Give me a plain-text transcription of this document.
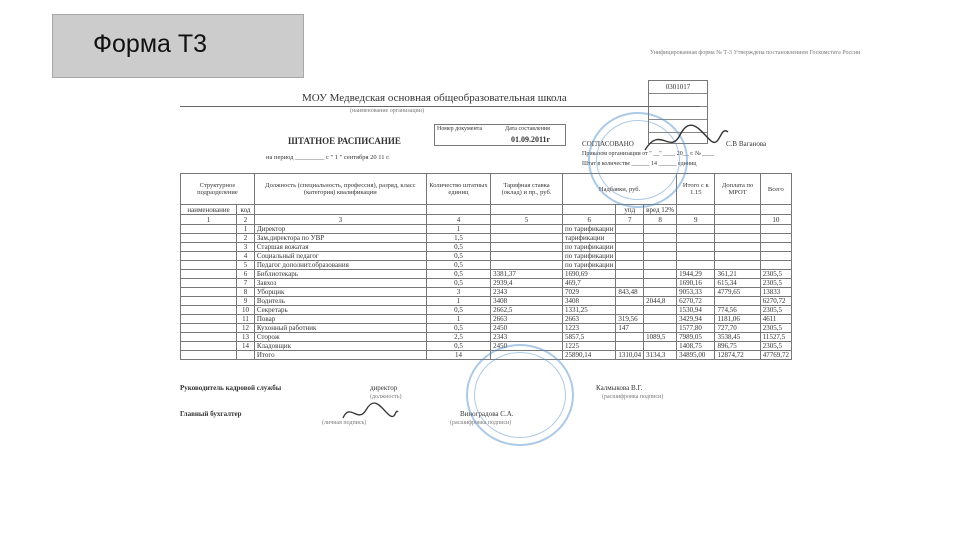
Форма Т3	Унифицированная форма № Т-3 Утверждена постановлением Госкомстата России
0301017
МОУ Медведская основная общеобразовательная школа
(наименование организации)
Номер документа	Дата составления
01.09.2011г
ШТАТНОЕ РАСПИСАНИЕ
на период _________ с " 1 " сентября 20 11 г.
СОГЛАСОВАНО	С.В Ваганова
Приказом организации от " __" ____ 20__ г. № ____
Штат в количестве ______ 14 ______ единиц
Структурное подразделение		Должность (специальность, профессия), разряд, класс (категория) квалификации	Количество штатных единиц	Тарифная ставка (оклад) и пр., руб.	Надбавки, руб.			Итого с к 1.15	Доплата по МРОТ	Всего
наименование	код					упд	вред 12%			
1	2	3	4	5	6	7	8	9		10
	1	Директор	1		по тарификации					
	2	Зам.директора по УВР	1,5		тарификации					
	3	Старшая вожатая	0,5		по тарификации					
	4	Социальный педагог	0,5		по тарификации					
	5	Педагог дополнит.образования	0,5		по тарификации					
	6	Библиотекарь	0,5	3381,37	1690,69			1944,29	361,21	2305,5
	7	Завхоз	0,5	2939,4	469,7			1690,16	615,34	2305,5
	8	Уборщик	3	2343	7029	843,48		9053,33	4779,65	13833
	9	Водитель	1	3408	3408		2044,8	6270,72		6270,72
	10	Секретарь	0,5	2662,5	1331,25			1530,94	774,56	2305,5
	11	Повар	1	2663	2663	319,56		3429,94	1181,06	4611
	12	Кухонный работник	0,5	2450	1223	147		1577,80	727,70	2305,5
	13	Сторож	2,5	2343	5857,5		1089,5	7989,05	3538,45	11527,5
	14	Кладовщик	0,5	2450	1225			1408,75	896,75	2305,5
		Итого	14		25890,14	1310,04	3134,3	34895,00	12874,72	47769,72
Руководитель кадровой службы	директор
(должность)
Калмыкова В.Г.
(расшифровка подписи)
Главный бухгалтер	Виноградова С.А.
(личная подпись)	(расшифровка подписи)
